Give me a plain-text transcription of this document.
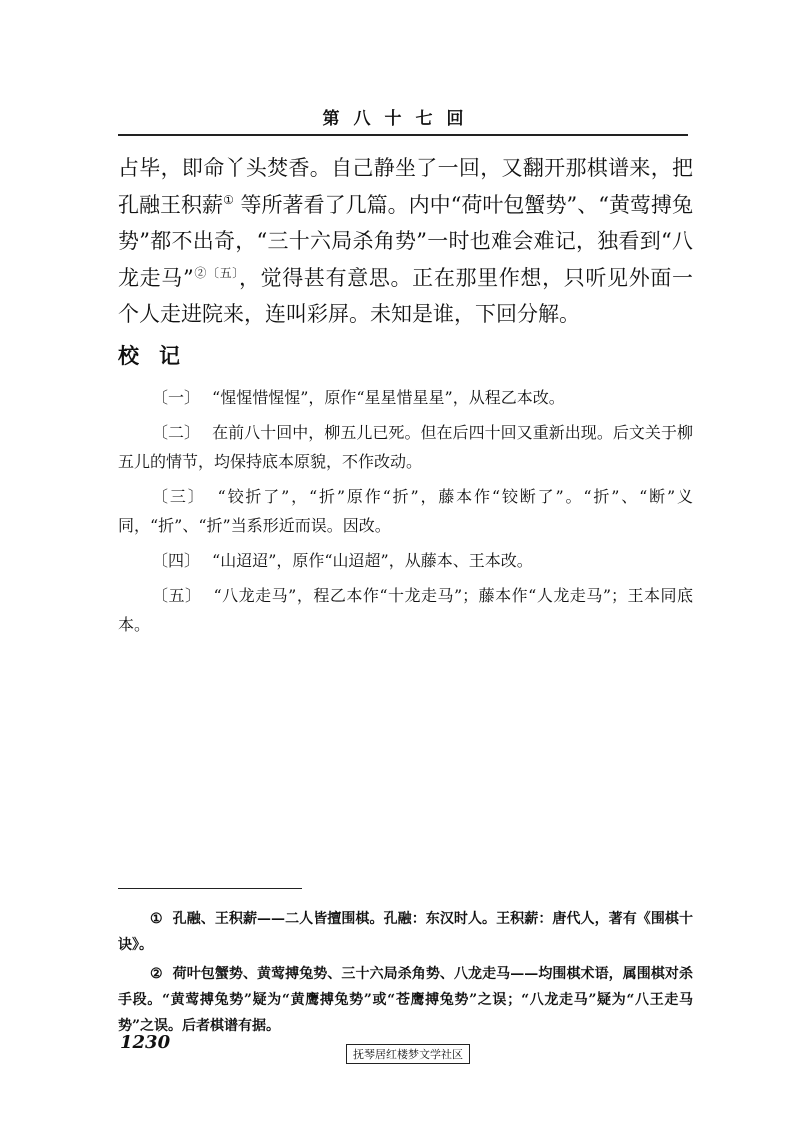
第八十七回
占毕，即命丫头焚香。自己静坐了一回，又翻开那棋谱来，把孔融王积薪① 等所著看了几篇。内中“荷叶包蟹势”、“黄莺搏兔势”都不出奇，“三十六局杀角势”一时也难会难记，独看到“八龙走马”$^{②〔五〕}$，觉得甚有意思。正在那里作想，只听见外面一个人走进院来，连叫彩屏。未知是谁，下回分解。
校记

〔一〕 “惺惺惜惺惺”，原作“星星惜星星”，从程乙本改。

〔二〕 在前八十回中，柳五儿已死。但在后四十回又重新出现。后文关于柳五儿的情节，均保持底本原貌，不作改动。

〔三〕 “铰折了”，“折”原作“折”，藤本作“铰断了”。“折”、“断”义同，“折”、“折”当系形近而误。因改。

〔四〕 “山迢迢”，原作“山迢超”，从藤本、王本改。

〔五〕 “八龙走马”，程乙本作“十龙走马”；藤本作“人龙走马”；王本同底本。

① 孔融、王积薪——二人皆擅围棋。孔融：东汉时人。王积薪：唐代人，著有《围棋十诀》。

② 荷叶包蟹势、黄莺搏兔势、三十六局杀角势、八龙走马——均围棋术语，属围棋对杀手段。“黄莺搏兔势”疑为“黄鹰搏兔势”或“苍鹰搏兔势”之误；“八龙走马”疑为“八王走马势”之误。后者棋谱有据。

1230
抚琴居红楼梦文学社区
